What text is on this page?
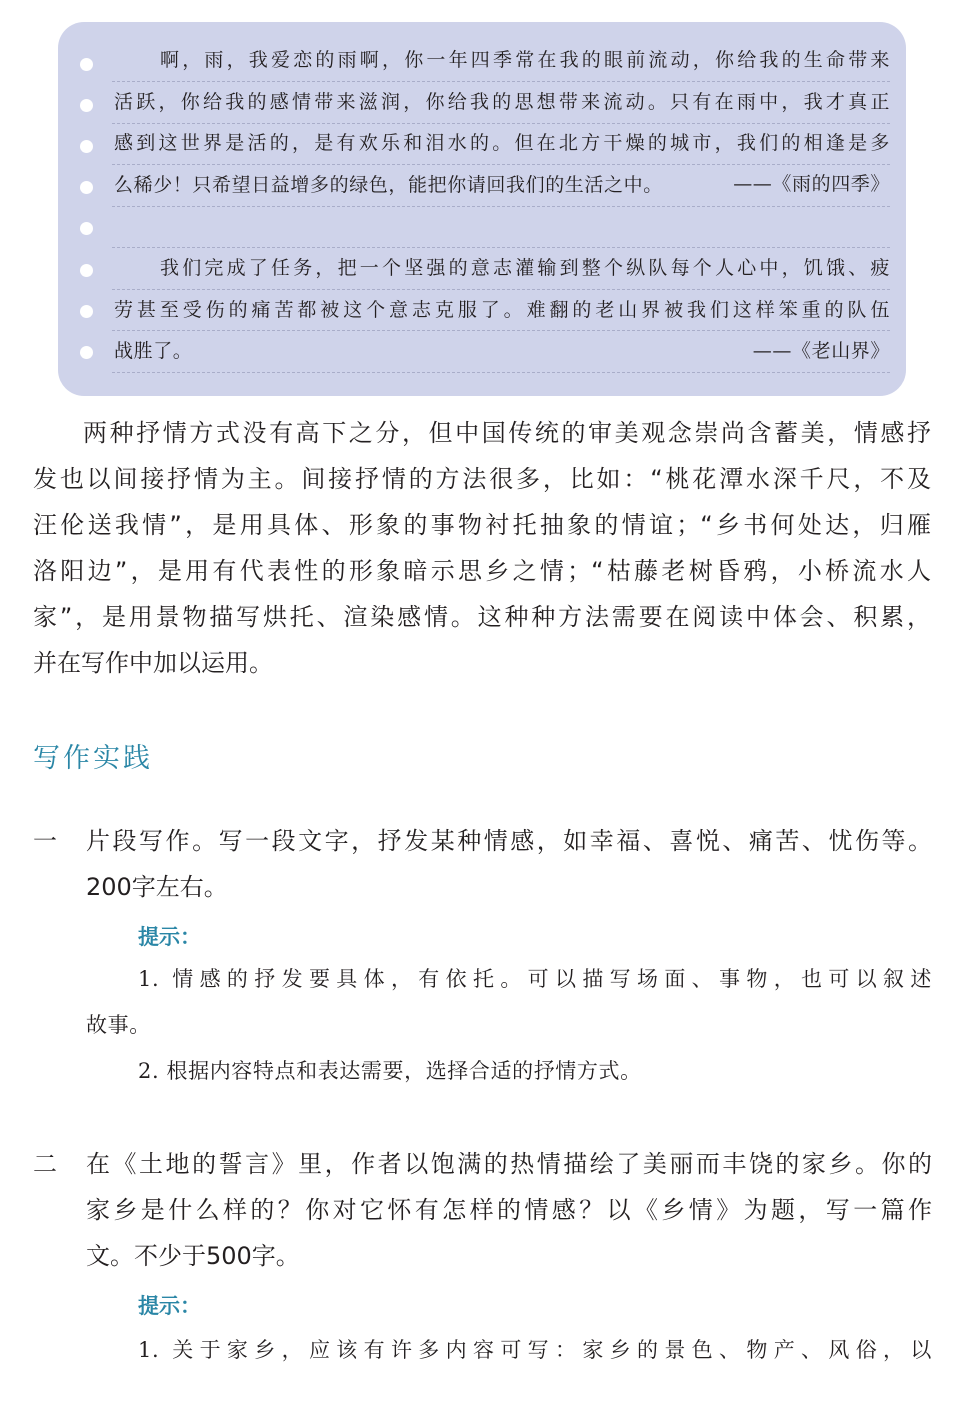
啊，雨，我爱恋的雨啊，你一年四季常在我的眼前流动，你给我的生命带来
活跃，你给我的感情带来滋润，你给我的思想带来流动。只有在雨中，我才真正
感到这世界是活的，是有欢乐和泪水的。但在北方干燥的城市，我们的相逢是多
么稀少！只希望日益增多的绿色，能把你请回我们的生活之中。	——《雨的四季》
我们完成了任务，把一个坚强的意志灌输到整个纵队每个人心中，饥饿、疲
劳甚至受伤的痛苦都被这个意志克服了。难翻的老山界被我们这样笨重的队伍
战胜了。	——《老山界》
两种抒情方式没有高下之分，但中国传统的审美观念崇尚含蓄美，情感抒
发也以间接抒情为主。间接抒情的方法很多，比如：“桃花潭水深千尺，不及
汪伦送我情”，是用具体、形象的事物衬托抽象的情谊；“乡书何处达，归雁
洛阳边”，是用有代表性的形象暗示思乡之情；“枯藤老树昏鸦，小桥流水人
家”，是用景物描写烘托、渲染感情。这种种方法需要在阅读中体会、积累，
并在写作中加以运用。
写作实践
一 片段写作。写一段文字，抒发某种情感，如幸福、喜悦、痛苦、忧伤等。
200字左右。
提示：
1. 情感的抒发要具体，有依托。可以描写场面、事物，也可以叙述
故事。
2. 根据内容特点和表达需要，选择合适的抒情方式。
二 在《土地的誓言》里，作者以饱满的热情描绘了美丽而丰饶的家乡。你的
家乡是什么样的？你对它怀有怎样的情感？以《乡情》为题，写一篇作
文。不少于500字。
提示：
1. 关于家乡，应该有许多内容可写：家乡的景色、物产、风俗，以
